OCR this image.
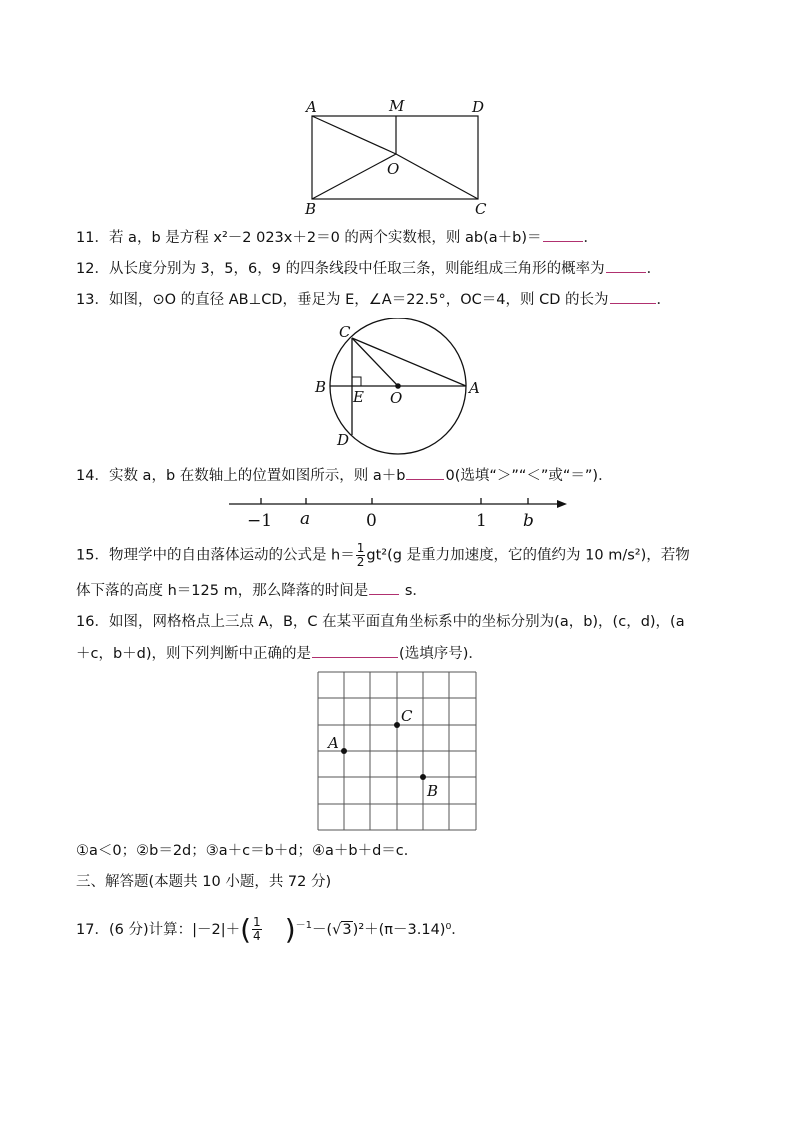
A	M	D
O
B	C
11．若 a，b 是方程 x²－2 023x＋2＝0 的两个实数根，则 ab(a＋b)＝	．
12．从长度分别为 3，5，6，9 的四条线段中任取三条，则能组成三角形的概率为	．
13．如图，⊙O 的直径 AB⊥CD，垂足为 E，∠A＝22.5°，OC＝4，则 CD 的长为	．
C
B
E O
A
D
14．实数 a，b 在数轴上的位置如图所示，则 a＋b	0(选填“＞”“＜”或“＝”)．
−1 a	0	1 b
15．物理学中的自由落体运动的公式是 $h= \frac{1}{2} gt^2(g$ 是重力加速度，它的值约为 10 m/s²)，若物
体下落的高度 h＝125 m，那么降落的时间是	s．
16．如图，网格格点上三点 A，B，C 在某平面直角坐标系中的坐标分别为(a，b)，(c，d)，(a
＋c，b＋d)，则下列判断中正确的是	(选填序号)．
A
C
B
①a＜0；②b＝2d；③a＋c＝b＋d；④a＋b＋d＝c．
三、解答题(本题共 10 小题，共 72 分)
17．(6 分)计算：$|-2|+( \frac{1}{4} )^{-1}-(√3)^2+(\pi-3.14)^0$．
